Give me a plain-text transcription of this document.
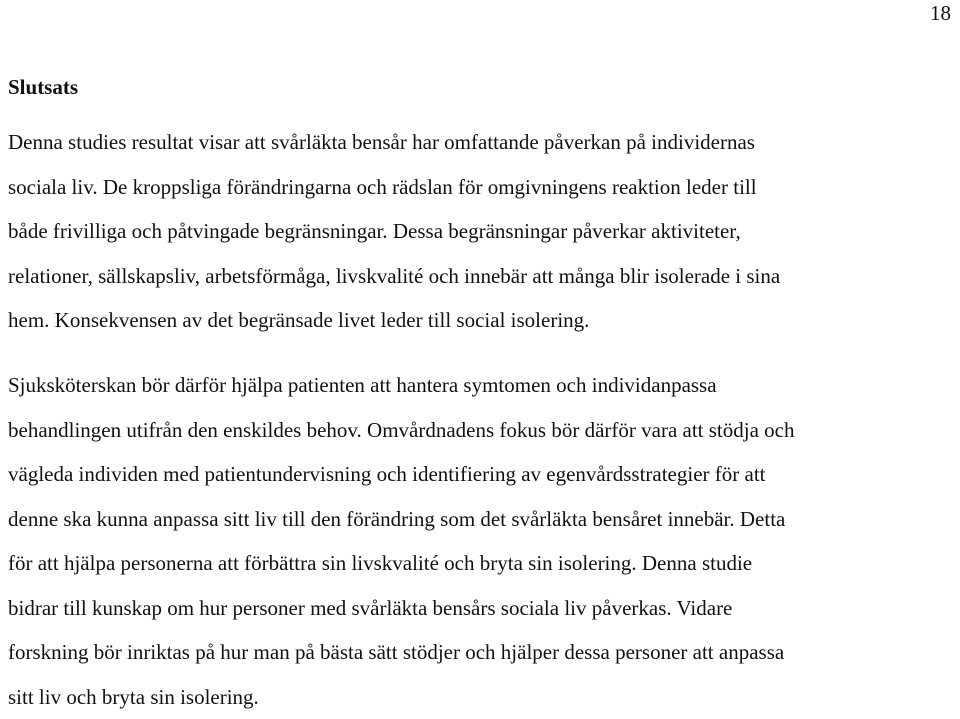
18
Slutsats
Denna studies resultat visar att svårläkta bensår har omfattande påverkan på individernas
sociala liv. De kroppsliga förändringarna och rädslan för omgivningens reaktion leder till
både frivilliga och påtvingade begränsningar. Dessa begränsningar påverkar aktiviteter,
relationer, sällskapsliv, arbetsförmåga, livskvalité och innebär att många blir isolerade i sina
hem. Konsekvensen av det begränsade livet leder till social isolering.
Sjuksköterskan bör därför hjälpa patienten att hantera symtomen och individanpassa
behandlingen utifrån den enskildes behov. Omvårdnadens fokus bör därför vara att stödja och
vägleda individen med patientundervisning och identifiering av egenvårdsstrategier för att
denne ska kunna anpassa sitt liv till den förändring som det svårläkta bensåret innebär. Detta
för att hjälpa personerna att förbättra sin livskvalité och bryta sin isolering. Denna studie
bidrar till kunskap om hur personer med svårläkta bensårs sociala liv påverkas. Vidare
forskning bör inriktas på hur man på bästa sätt stödjer och hjälper dessa personer att anpassa
sitt liv och bryta sin isolering.
